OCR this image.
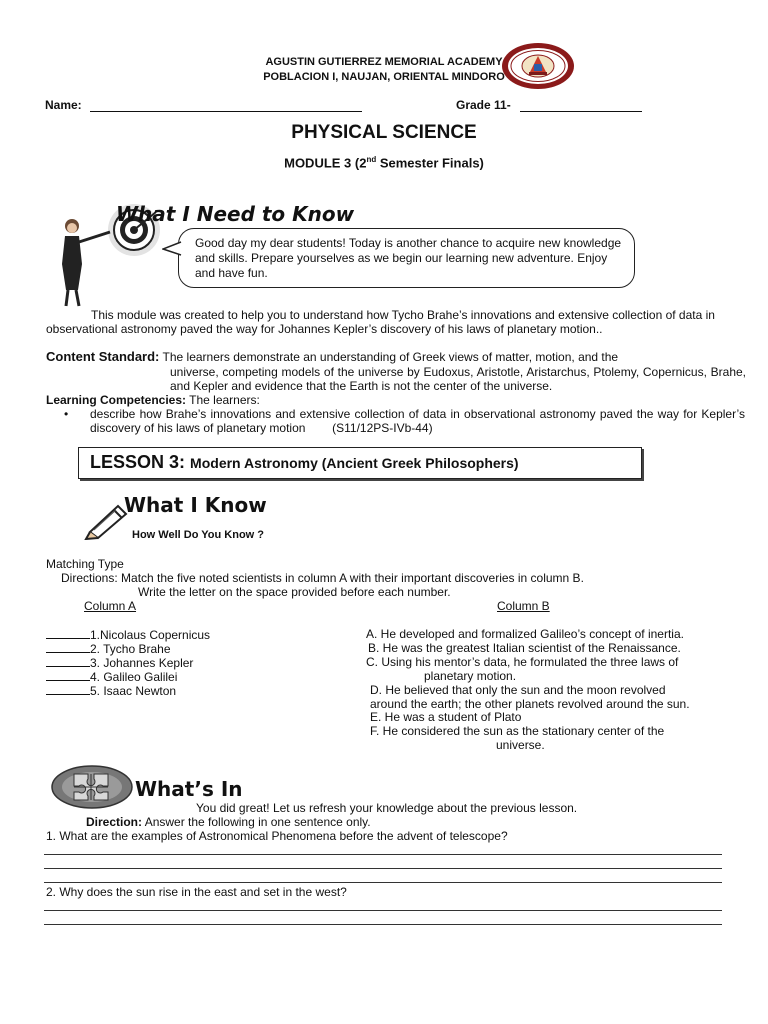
AGUSTIN GUTIERREZ MEMORIAL ACADEMY
POBLACION I, NAUJAN, ORIENTAL MINDORO
Name:	Grade 11-
PHYSICAL SCIENCE
MODULE 3 (2nd Semester Finals)
What I Need to Know
Good day my dear students! Today is another chance to acquire new knowledge and skills. Prepare yourselves as we begin our learning new adventure. Enjoy and have fun.
This module was created to help you to understand how Tycho Brahe’s innovations and extensive collection of data in observational astronomy paved the way for Johannes Kepler’s discovery of his laws of planetary motion..
Content Standard: The learners demonstrate an understanding of Greek views of matter, motion, and the
universe, competing models of the universe by Eudoxus, Aristotle, Aristarchus, Ptolemy, Copernicus, Brahe, and Kepler and evidence that the Earth is not the center of the universe.
Learning Competencies: The learners:
• describe how Brahe’s innovations and extensive collection of data in observational astronomy paved the way for Kepler’s discovery of his laws of planetary motion (S11/12PS-IVb-44)
LESSON 3: Modern Astronomy (Ancient Greek Philosophers)
What I Know
How Well Do You Know ?
Matching Type
Directions: Match the five noted scientists in column A with their important discoveries in column B.
Write the letter on the space provided before each number.
Column A	Column B
1.Nicolaus Copernicus
2. Tycho Brahe
3. Johannes Kepler
4. Galileo Galilei
5. Isaac Newton
A. He developed and formalized Galileo’s concept of inertia.
B. He was the greatest Italian scientist of the Renaissance.
C. Using his mentor’s data, he formulated the three laws of
planetary motion.
D. He believed that only the sun and the moon revolved
around the earth; the other planets revolved around the sun.
E. He was a student of Plato
F. He considered the sun as the stationary center of the
universe.
What’s In
You did great! Let us refresh your knowledge about the previous lesson.
Direction: Answer the following in one sentence only.
1. What are the examples of Astronomical Phenomena before the advent of telescope?
2. Why does the sun rise in the east and set in the west?
